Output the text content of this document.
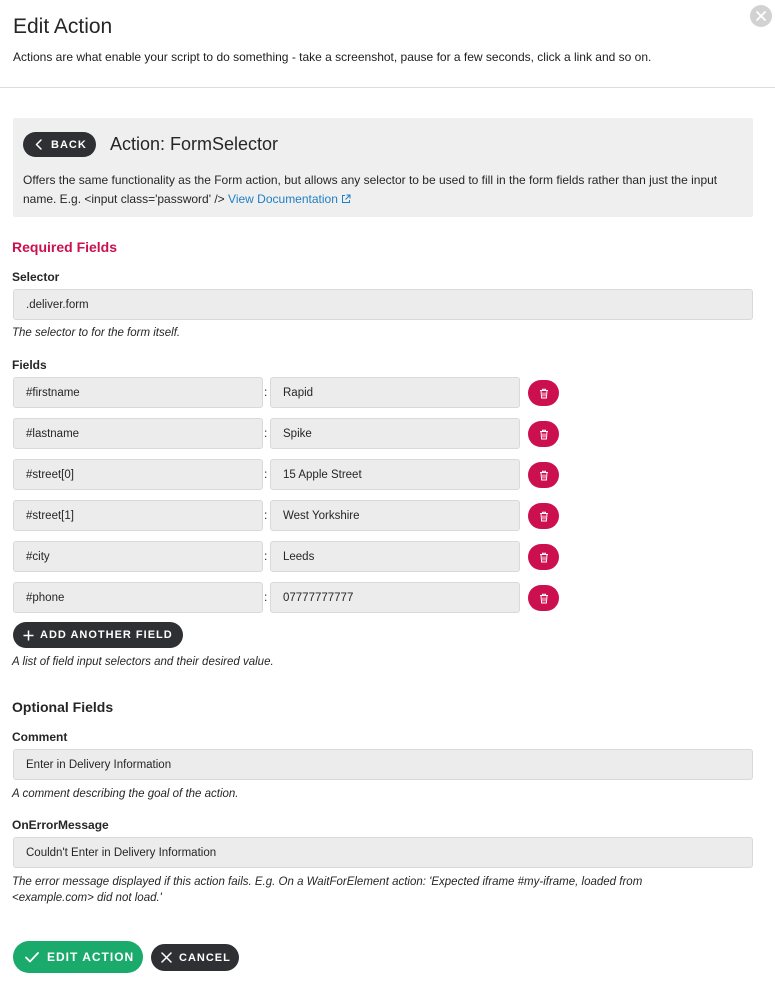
Edit Action
Actions are what enable your script to do something - take a screenshot, pause for a few seconds, click a link and so on.
BACK Action: FormSelector
Offers the same functionality as the Form action, but allows any selector to be used to fill in the form fields rather than just the input name. E.g. <input class='password' /> View Documentation
Required Fields
Selector
.deliver.form
The selector to for the form itself.
Fields
#firstname	:	Rapid
#lastname	:	Spike
#street[0]	:	15 Apple Street
#street[1]	:	West Yorkshire
#city	:	Leeds
#phone	:	07777777777
ADD ANOTHER FIELD
A list of field input selectors and their desired value.
Optional Fields
Comment
Enter in Delivery Information
A comment describing the goal of the action.
OnErrorMessage
Couldn't Enter in Delivery Information
The error message displayed if this action fails. E.g. On a WaitForElement action: 'Expected iframe #my-iframe, loaded from <example.com> did not load.'
EDIT ACTION	CANCEL
